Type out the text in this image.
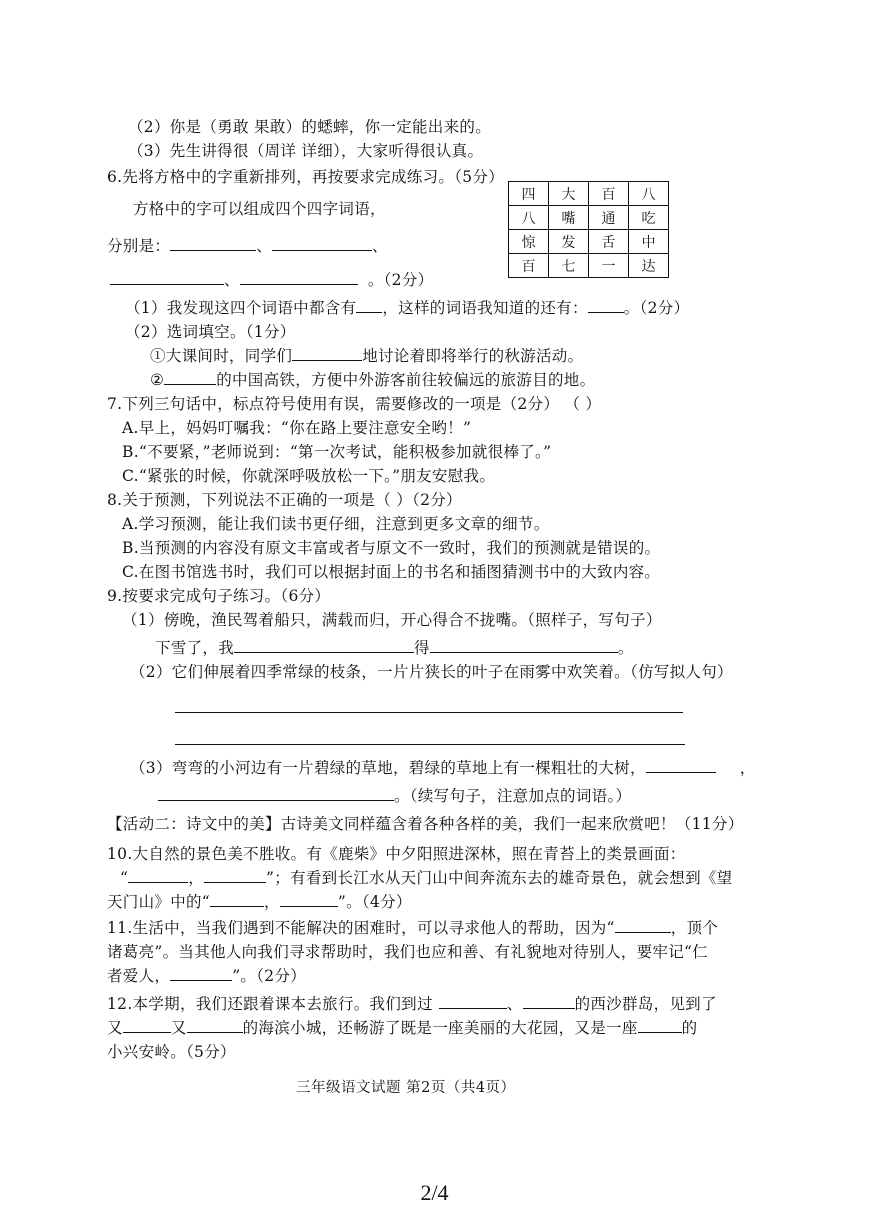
（2）你是（勇敢 果敢）的蟋蟀，你一定能出来的。
（3）先生讲得很（周详 详细），大家听得很认真。
6.先将方格中的字重新排列，再按要求完成练习。（5分）
方格中的字可以组成四个四字词语，
分别是：	、	、
、	。（2分）
四	大	百	八
八	嘴	通	吃
惊	发	舌	中
百	七	一	达
（1）我发现这四个词语中都含有 ，这样的词语我知道的还有： 。（2分）
（2）选词填空。（1分）
①大课间时，同学们	地讨论着即将举行的秋游活动。
②	的中国高铁，方便中外游客前往较偏远的旅游目的地。
7.下列三句话中，标点符号使用有误，需要修改的一项是（2分） （ ）
A.早上，妈妈叮嘱我：“你在路上要注意安全哟！”
B.“不要紧，”老师说到：“第一次考试，能积极参加就很棒了。”
C.“紧张的时候，你就深呼吸放松一下。”朋友安慰我。
8.关于预测，下列说法不正确的一项是（ ）（2分）
A.学习预测，能让我们读书更仔细，注意到更多文章的细节。
B.当预测的内容没有原文丰富或者与原文不一致时，我们的预测就是错误的。
C.在图书馆选书时，我们可以根据封面上的书名和插图猜测书中的大致内容。
9.按要求完成句子练习。（6分）
（1）傍晚，渔民驾着船只，满载而归，开心得合不拢嘴。（照样子，写句子）
下雪了，我	得	。
（2）它们伸展着四季常绿的枝条，一片片狭长的叶子在雨雾中欢笑着。（仿写拟人句）
（3）弯弯的小河边有一片碧绿的草地，碧绿的草地上有一棵粗壮的大树，	，
。（续写句子，注意加点的词语。）
【活动二：诗文中的美】古诗美文同样蕴含着各种各样的美，我们一起来欣赏吧！（11分）
10.大自然的景色美不胜收。有《鹿柴》中夕阳照进深林，照在青苔上的类景画面：
“	，	”；有看到长江水从天门山中间奔流东去的雄奇景色，就会想到《望
天门山》中的“	，	”。（4分）
11.生活中，当我们遇到不能解决的困难时，可以寻求他人的帮助，因为“	，顶个
诸葛亮”。当其他人向我们寻求帮助时，我们也应和善、有礼貌地对待别人，要牢记“仁
者爱人，	”。（2分）
12.本学期，我们还跟着课本去旅行。我们到过	、	的西沙群岛，见到了
又	又	的海滨小城，还畅游了既是一座美丽的大花园，又是一座	的
小兴安岭。（5分）
三年级语文试题 第2页（共4页）
2/4
